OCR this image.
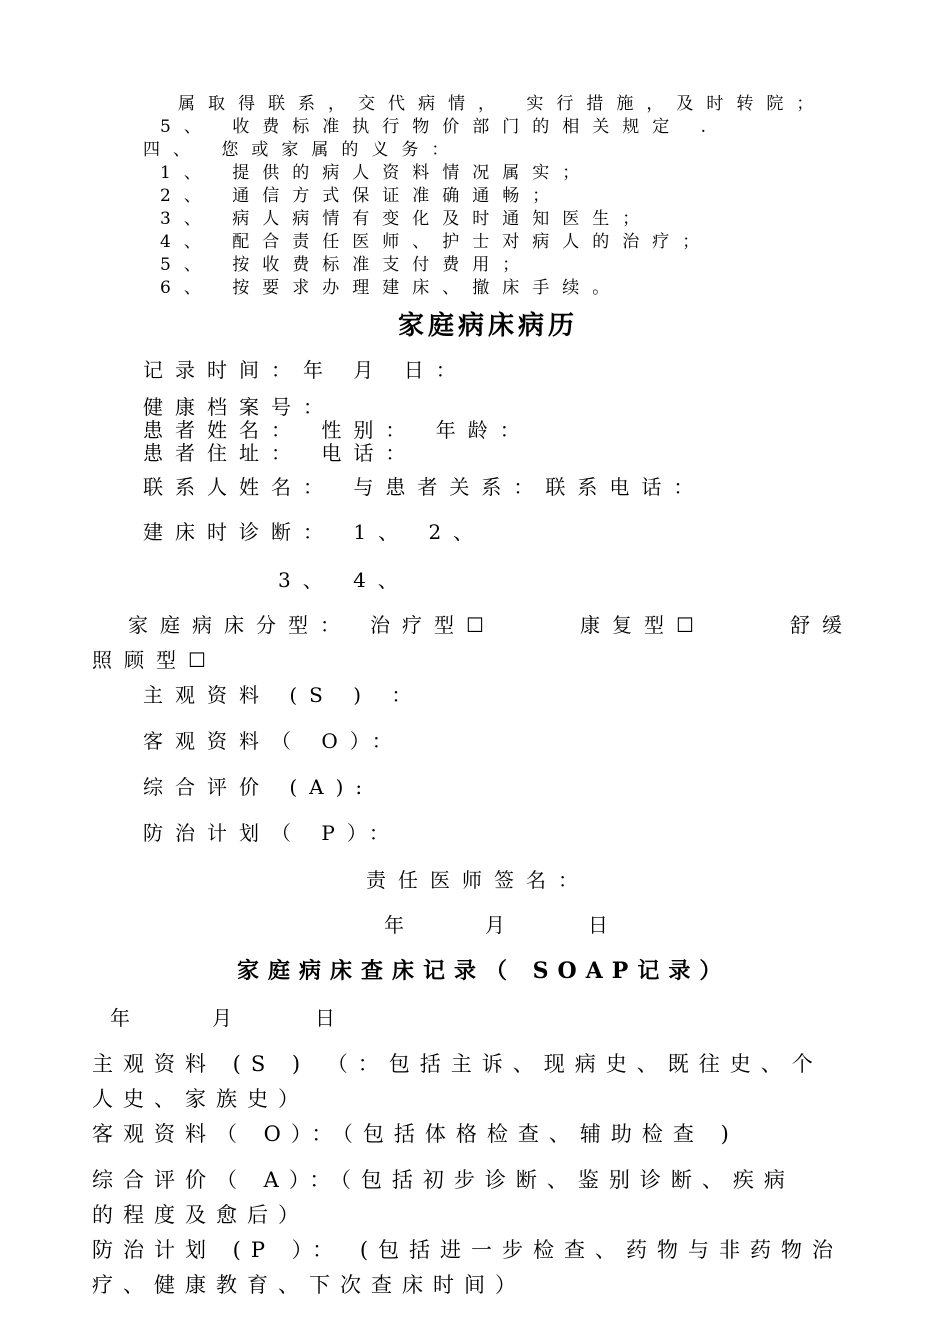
属取得联系，交代病情， 实行措施，及时转院；
5、 收费标准执行物价部门的相关规定 .
四、 您或家属的义务：
1、 提供的病人资料情况属实；
2、 通信方式保证准确通畅；
3、 病人病情有变化及时通知医生；
4、 配合责任医师、护士对病人的治疗；
5、 按收费标准支付费用；
6、 按要求办理建床、撤床手续。
家庭病床病历
记录时间：年 月 日：
健康档案号：
患者姓名： 性别： 年龄：
患者住址： 电话：
联系人姓名： 与患者关系：联系电话：
建床时诊断： 1、 2、
3、 4、
家庭病床分型： 治疗型☐	康复型☐	舒缓
照顾型☐
主观资料 (S ) ：
客观资料（ O）：
综合评价 (A):
防治计划（ P）：
责任医师签名：
年	月	日
家庭病床查床记录（ SOAP记录）
年	月	日
主观资料 (S ) （：包括主诉、现病史、既往史、个
人史、家族史）
客观资料（ O）：（包括体格检查、辅助检查 )
综合评价（ A）：（包括初步诊断、鉴别诊断、疾病
的程度及愈后）
防治计划 (P ）： (包括进一步检查、药物与非药物治
疗、健康教育、下次查床时间）
